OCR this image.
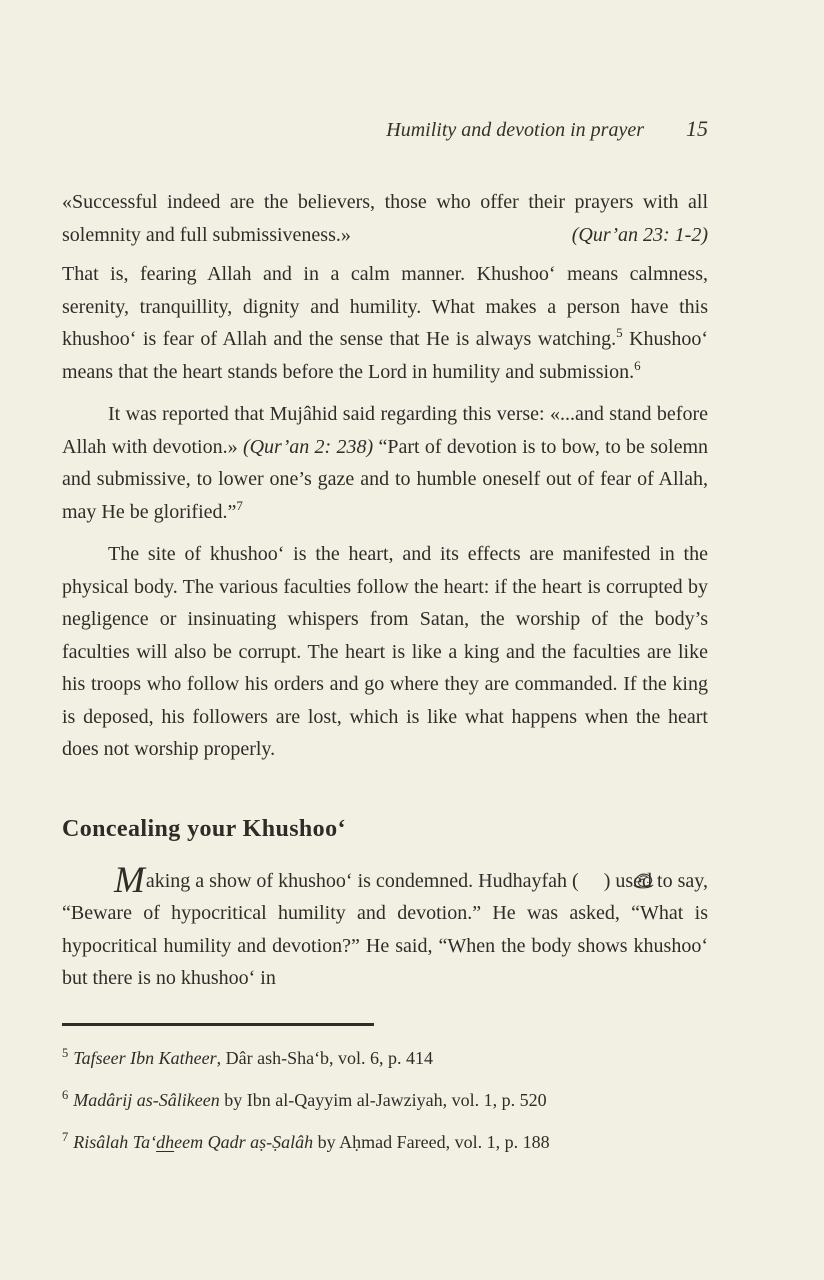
Humility and devotion in prayer 15

«Successful indeed are the believers, those who offer their prayers with all solemnity and full submissiveness.»	(Qur’an 23: 1-2)

That is, fearing Allah and in a calm manner. Khushoo‘ means calmness, serenity, tranquillity, dignity and humility. What makes a person have this khushoo‘ is fear of Allah and the sense that He is always watching.$^5$ Khushoo‘ means that the heart stands before the Lord in humility and submission.$^6$

It was reported that Mujâhid said regarding this verse: «...and stand before Allah with devotion.» (Qur’an 2: 238) “Part of devotion is to bow, to be solemn and submissive, to lower one’s gaze and to humble oneself out of fear of Allah, may He be glorified.”$^7$

The site of khushoo‘ is the heart, and its effects are manifested in the physical body. The various faculties follow the heart: if the heart is corrupted by negligence or insinuating whispers from Satan, the worship of the body’s faculties will also be corrupt. The heart is like a king and the faculties are like his troops who follow his orders and go where they are commanded. If the king is deposed, his followers are lost, which is like what happens when the heart does not worship properly.

Concealing your Khushoo‘

Making a show of khushoo‘ is condemned. Hudhayfah ( ) used to say, “Beware of hypocritical humility and devotion.” He was asked, “What is hypocritical humility and devotion?” He said, “When the body shows khushoo‘ but there is no khushoo‘ in

$^5$ Tafseer Ibn Katheer, Dâr ash-Sha‘b, vol. 6, p. 414

$^6$ Madârij as-Sâlikeen by Ibn al-Qayyim al-Jawziyah, vol. 1, p. 520

$^7$ Risâlah Ta‘dheem Qadr aṣ-Ṣalâh by Aḥmad Fareed, vol. 1, p. 188
